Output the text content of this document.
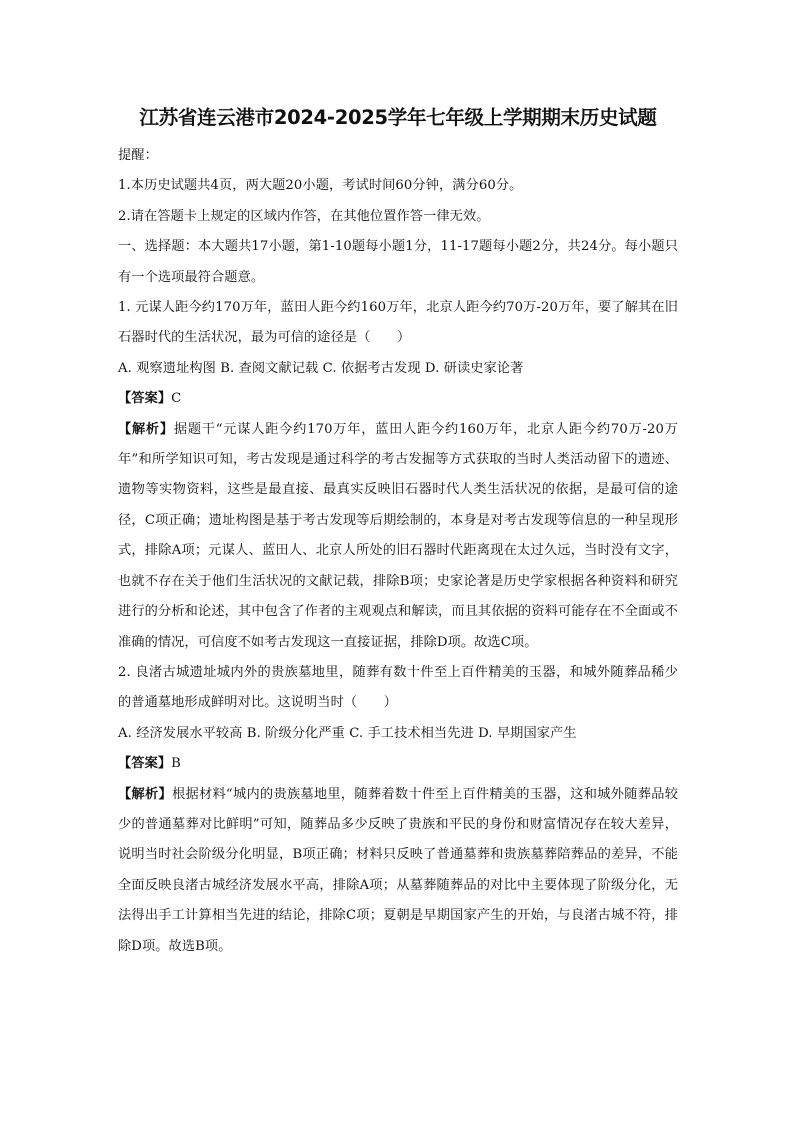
江苏省连云港市2024-2025学年七年级上学期期末历史试题

提醒：

1.本历史试题共4页，两大题20小题，考试时间60分钟，满分60分。

2.请在答题卡上规定的区域内作答，在其他位置作答一律无效。

一、选择题：本大题共17小题，第1-10题每小题1分，11-17题每小题2分，共24分。每小题只有一个选项最符合题意。

1. 元谋人距今约170万年，蓝田人距今约160万年，北京人距今约70万-20万年，要了解其在旧石器时代的生活状况，最为可信的途径是（　　）

A. 观察遗址构图 B. 查阅文献记载 C. 依据考古发现 D. 研读史家论著

【答案】C

【解析】据题干“元谋人距今约170万年，蓝田人距今约160万年，北京人距今约70万-20万年”和所学知识可知，考古发现是通过科学的考古发掘等方式获取的当时人类活动留下的遗迹、遗物等实物资料，这些是最直接、最真实反映旧石器时代人类生活状况的依据，是最可信的途径，C项正确；遗址构图是基于考古发现等后期绘制的，本身是对考古发现等信息的一种呈现形式，排除A项；元谋人、蓝田人、北京人所处的旧石器时代距离现在太过久远，当时没有文字，也就不存在关于他们生活状况的文献记载，排除B项；史家论著是历史学家根据各种资料和研究进行的分析和论述，其中包含了作者的主观观点和解读，而且其依据的资料可能存在不全面或不准确的情况，可信度不如考古发现这一直接证据，排除D项。故选C项。

2. 良渚古城遗址城内外的贵族墓地里，随葬有数十件至上百件精美的玉器，和城外随葬品稀少的普通墓地形成鲜明对比。这说明当时（　　）

A. 经济发展水平较高 B. 阶级分化严重 C. 手工技术相当先进 D. 早期国家产生

【答案】B

【解析】根据材料“城内的贵族墓地里，随葬着数十件至上百件精美的玉器，这和城外随葬品较少的普通墓葬对比鲜明”可知，随葬品多少反映了贵族和平民的身份和财富情况存在较大差异，说明当时社会阶级分化明显，B项正确；材料只反映了普通墓葬和贵族墓葬陪葬品的差异，不能全面反映良渚古城经济发展水平高，排除A项；从墓葬随葬品的对比中主要体现了阶级分化，无法得出手工计算相当先进的结论，排除C项；夏朝是早期国家产生的开始，与良渚古城不符，排除D项。故选B项。
